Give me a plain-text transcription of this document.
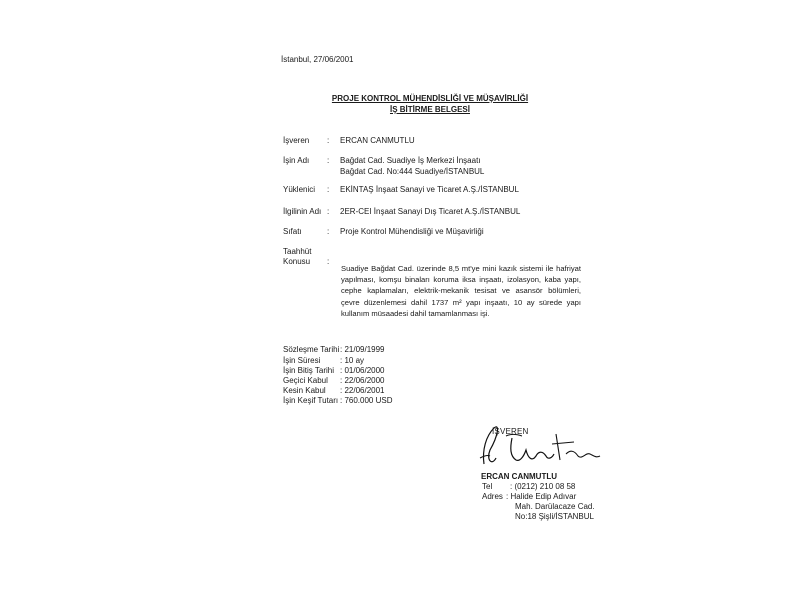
İstanbul, 27/06/2001
PROJE KONTROL MÜHENDİSLİĞİ VE MÜŞAVİRLİĞİ
İŞ BİTİRME BELGESİ
İşveren : ERCAN CANMUTLU
İşin Adı : Bağdat Cad. Suadiye İş Merkezi İnşaatı
Bağdat Cad. No:444 Suadiye/İSTANBUL
Yüklenici : EKİNTAŞ İnşaat Sanayi ve Ticaret A.Ş./İSTANBUL
İlgilinin Adı : 2ER-CEI İnşaat Sanayi Dış Ticaret A.Ş./İSTANBUL
Sıfatı	: Proje Kontrol Mühendisliği ve Müşavirliği
Taahhüt
Konusu :
Suadiye Bağdat Cad. üzerinde 8,5 mt'ye mini kazık sistemi ile hafriyat yapılması, komşu binaları koruma iksa inşaatı, izolasyon, kaba yapı, cephe kaplamaları, elektrik-mekanik tesisat ve asansör bölümleri, çevre düzenlemesi dahil 1737 m² yapı inşaatı, 10 ay sürede yapı kullanım müsaadesi dahil tamamlanması işi.
Sözleşme Tarihi : 21/09/1999
İşin Süresi : 10 ay
İşin Bitiş Tarihi : 01/06/2000
Geçici Kabul : 22/06/2000
Kesin Kabul : 22/06/2001
İşin Keşif Tutarı : 760.000 USD
İŞVEREN
ERCAN CANMUTLU
Tel : (0212) 210 08 58
Adres : Halide Edip Adıvar
Mah. Darülacaze Cad.
No:18 Şişli/İSTANBUL
